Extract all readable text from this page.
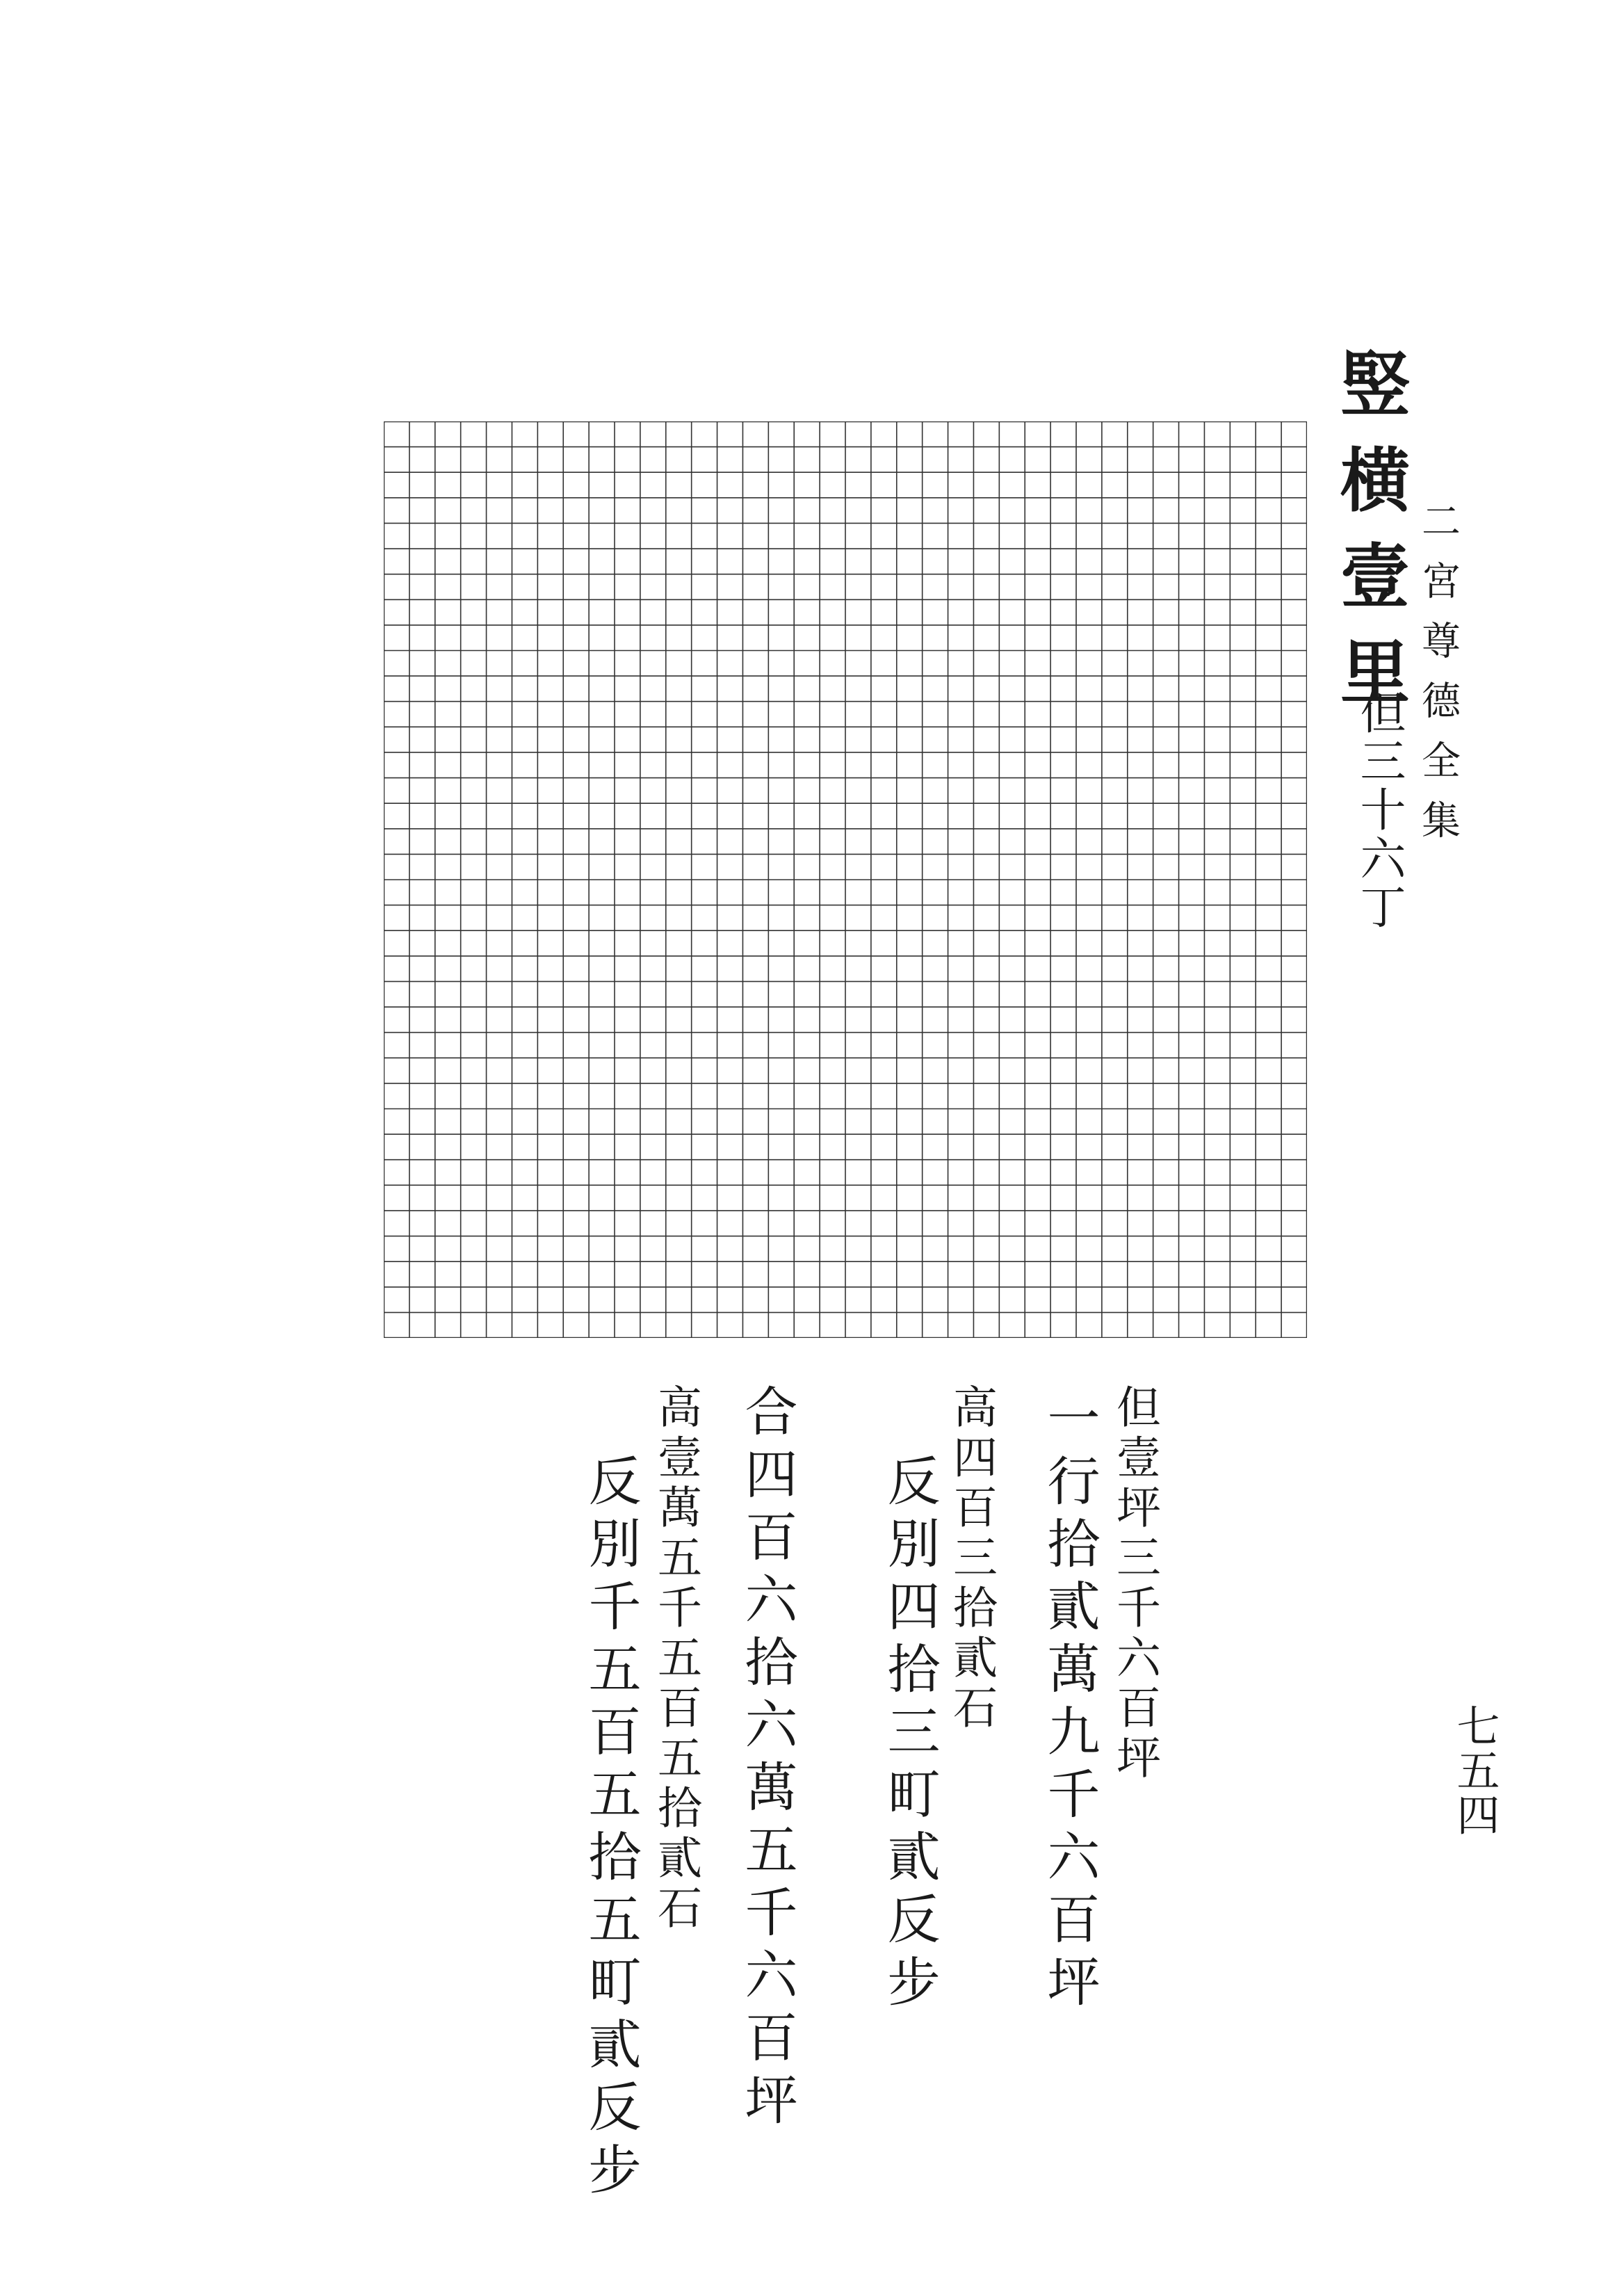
二宮尊德全集
七五四
竪横壹里
但三十六丁
但壹坪三千六百坪
一行拾貳萬九千六百坪
高四百三拾貳石
反別四拾三町貳反步
合四百六拾六萬五千六百坪
高壹萬五千五百五拾貳石
反別千五百五拾五町貳反步
